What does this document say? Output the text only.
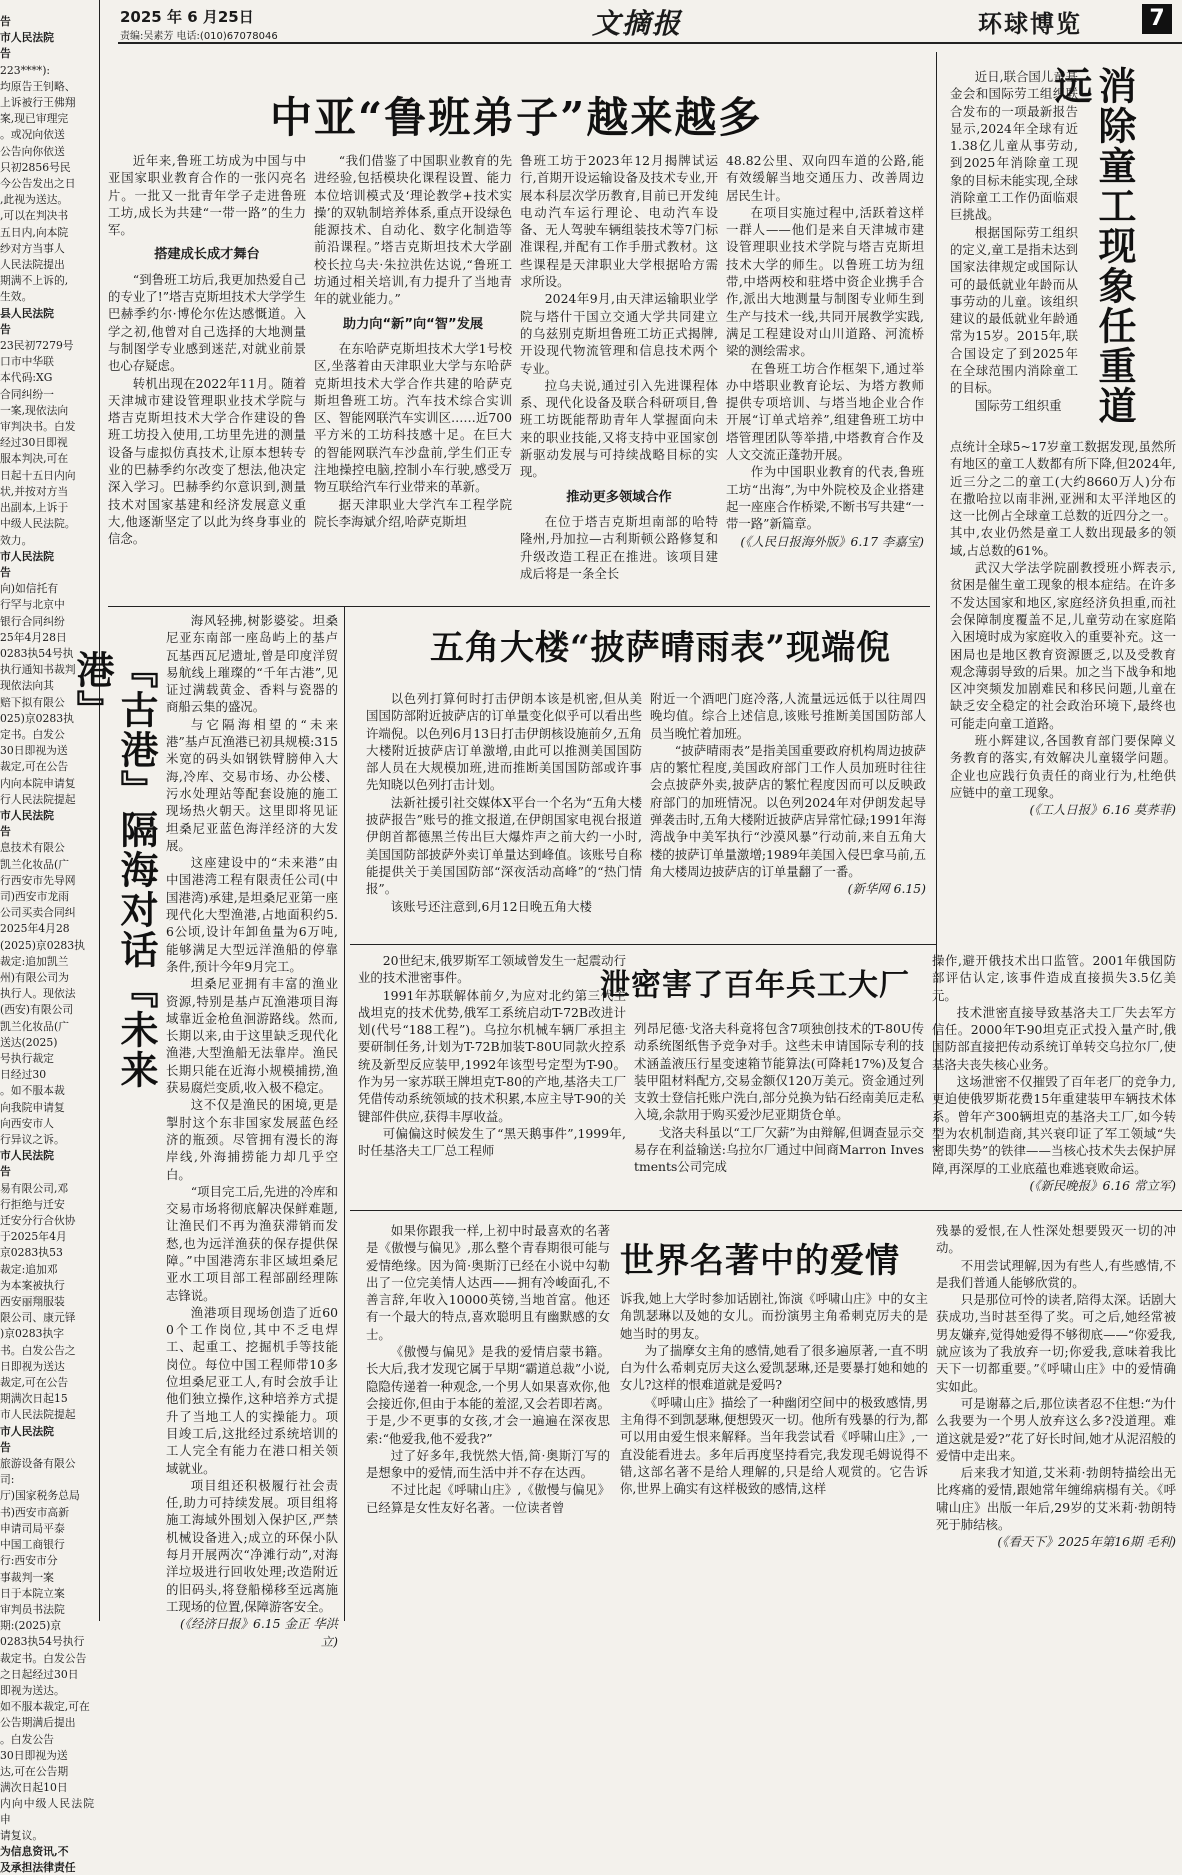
2025 年 6 月25日
责编:吴素芳 电话:(010)67078046	文摘报	环球博览	7

告

市人民法院

告

223****):

均原告王钊略、

上诉被行王佛翔

案,现已审理完

。或况向依送

公告向你依送

只初2856号民

今公告发出之日

,此视为送达。

,可以在判决书

五日内,向本院

纱对方当事人

人民法院提出

期满不上诉的,

生效。

县人民法院

告

23民初7279号

口市中华联

本代码:XG

合同纠纷一

一案,现依法向

审判决书。白发

经过30日即视

服本判决,可在

日起十五日内向

状,并按对方当

出副本,上诉于

中级人民法院。

效力。

市人民法院

告

向)如信托有

行罕与北京中

银行合同纠纷

25年4月28日

0283执54号执

执行通知书裁判

现依法向其

赔下拟有限公

025)京0283执

定书。白发公

30日即视为送

裁定,可在公告

内向本院申请复

行人民法院提起

市人民法院

告

息技术有限公

凯兰化妆品(广

行西安市先导网

司)西安市龙雨

公司买卖合同纠

2025年4月28

(2025)京0283执

裁定:追加凯兰

州)有限公司为

执行人。现依法

(西安)有限公司

凯兰化妆品(广

送达(2025)

号执行裁定

日经过30

。如不服本裁

向我院申请复

向西安市人

行异议之诉。

市人民法院

告

易有限公司,邓

行拒绝与迁安

迁安分行合伙协

于2025年4月

京0283执53

裁定:追加邓

为本案被执行

西安丽翔服装

限公司、康元铎

)京0283执字

书。白发公告之

日即视为送达

裁定,可在公告

期满次日起15

市人民法院提起

市人民法院

告

旅游设备有限公

司:

厅)国家税务总局

书)西安市高新

申请司局平泰

中国工商银行

行:西安市分

事裁判一案

日于本院立案

审判员书法院

期:(2025)京

0283执54号执行

裁定书。白发公告

之日起经过30日

即视为送达。

如不服本裁定,可在

公告期满后提出

。白发公告

30日即视为送

达,可在公告期

满次日起10日

内向中级人民法院申

请复议。

为信息资讯,不

及承担法律责任

中亚“鲁班弟子”越来越多

近年来,鲁班工坊成为中国与中亚国家职业教育合作的一张闪亮名片。一批又一批青年学子走进鲁班工坊,成长为共建“一带一路”的生力军。

搭建成长成才舞台

“到鲁班工坊后,我更加热爱自己的专业了!”塔吉克斯坦技术大学学生巴赫季约尔·博伦尔佐达感慨道。入学之初,他曾对自己选择的大地测量与制图学专业感到迷茫,对就业前景也心存疑虑。

转机出现在2022年11月。随着天津城市建设管理职业技术学院与塔吉克斯坦技术大学合作建设的鲁班工坊投入使用,工坊里先进的测量设备与虚拟仿真技术,让原本想转专业的巴赫季约尔改变了想法,他决定深入学习。巴赫季约尔意识到,测量技术对国家基建和经济发展意义重大,他逐渐坚定了以此为终身事业的信念。

“我们借鉴了中国职业教育的先进经验,包括模块化课程设置、能力本位培训模式及‘理论教学+技术实操’的双轨制培养体系,重点开设绿色能源技术、自动化、数字化制造等前沿课程。”塔吉克斯坦技术大学副校长拉乌夫·朱拉洪佐达说,“鲁班工坊通过相关培训,有力提升了当地青年的就业能力。”

助力向“新”向“智”发展

在东哈萨克斯坦技术大学1号校区,坐落着由天津职业大学与东哈萨克斯坦技术大学合作共建的哈萨克斯坦鲁班工坊。汽车技术综合实训区、智能网联汽车实训区……近700平方米的工坊科技感十足。在巨大的智能网联汽车沙盘前,学生们正专注地操控电脑,控制小车行驶,感受万物互联给汽车行业带来的革新。

据天津职业大学汽车工程学院院长李海斌介绍,哈萨克斯坦

鲁班工坊于2023年12月揭牌试运行,首期开设运输设备及技术专业,开展本科层次学历教育,目前已开发纯电动汽车运行理论、电动汽车设备、无人驾驶车辆组装技术等7门标准课程,并配有工作手册式教材。这些课程是天津职业大学根据哈方需求所设。

2024年9月,由天津运输职业学院与塔什干国立交通大学共同建立的乌兹别克斯坦鲁班工坊正式揭牌,开设现代物流管理和信息技术两个专业。

拉乌夫说,通过引入先进课程体系、现代化设备及联合科研项目,鲁班工坊既能帮助青年人掌握面向未来的职业技能,又将支持中亚国家创新驱动发展与可持续战略目标的实现。

推动更多领域合作

在位于塔吉克斯坦南部的哈特隆州,丹加拉—古利斯顿公路修复和升级改造工程正在推进。该项目建成后将是一条全长

48.82公里、双向四车道的公路,能有效缓解当地交通压力、改善周边居民生计。

在项目实施过程中,活跃着这样一群人——他们是来自天津城市建设管理职业技术学院与塔吉克斯坦技术大学的师生。以鲁班工坊为纽带,中塔两校和驻塔中资企业携手合作,派出大地测量与制图专业师生到生产与技术一线,共同开展教学实践,满足工程建设对山川道路、河流桥梁的测绘需求。

在鲁班工坊合作框架下,通过举办中塔职业教育论坛、为塔方教师提供专项培训、与塔当地企业合作开展“订单式培养”,组建鲁班工坊中塔管理团队等举措,中塔教育合作及人文交流正蓬勃开展。

作为中国职业教育的代表,鲁班工坊“出海”,为中外院校及企业搭建起一座座合作桥梁,不断书写共建“一带一路”新篇章。

(《人民日报海外版》6.17 李嘉宝)

消除童工现象任重道远

近日,联合国儿童基金会和国际劳工组织联合发布的一项最新报告显示,2024年全球有近1.38亿儿童从事劳动,到2025年消除童工现象的目标未能实现,全球消除童工工作仍面临艰巨挑战。

根据国际劳工组织的定义,童工是指未达到国家法律规定或国际认可的最低就业年龄而从事劳动的儿童。该组织建议的最低就业年龄通常为15岁。2015年,联合国设定了到2025年在全球范围内消除童工的目标。

国际劳工组织重

点统计全球5~17岁童工数据发现,虽然所有地区的童工人数都有所下降,但2024年,近三分之二的童工(大约8660万人)分布在撒哈拉以南非洲,亚洲和太平洋地区的这一比例占全球童工总数的近四分之一。其中,农业仍然是童工人数出现最多的领域,占总数的61%。

武汉大学法学院副教授班小辉表示,贫困是催生童工现象的根本症结。在许多不发达国家和地区,家庭经济负担重,而社会保障制度覆盖不足,儿童劳动在家庭陷入困境时成为家庭收入的重要补充。这一困局也是地区教育资源匮乏,以及受教育观念薄弱导致的后果。加之当下战争和地区冲突频发加剧难民和移民问题,儿童在缺乏安全稳定的社会政治环境下,最终也可能走向童工道路。

班小辉建议,各国教育部门要保障义务教育的落实,有效解决儿童辍学问题。企业也应践行负责任的商业行为,杜绝供应链中的童工现象。

(《工人日报》6.16 莫荞菲)

『古港』隔海对话『未来港』

海风轻拂,树影婆娑。坦桑尼亚东南部一座岛屿上的基卢瓦基西瓦尼遗址,曾是印度洋贸易航线上璀璨的“千年古港”,见证过满载黄金、香料与瓷器的商船云集的盛况。

与它隔海相望的“未来港”基卢瓦渔港已初具规模:315米宽的码头如钢铁臂膀伸入大海,冷库、交易市场、办公楼、污水处理站等配套设施的施工现场热火朝天。这里即将见证坦桑尼亚蓝色海洋经济的大发展。

这座建设中的“未来港”由中国港湾工程有限责任公司(中国港湾)承建,是坦桑尼亚第一座现代化大型渔港,占地面积约5.6公顷,设计年卸鱼量为6万吨,能够满足大型远洋渔船的停靠条件,预计今年9月完工。

坦桑尼亚拥有丰富的渔业资源,特别是基卢瓦渔港项目海域靠近金枪鱼洄游路线。然而,长期以来,由于这里缺乏现代化渔港,大型渔船无法靠岸。渔民长期只能在近海小规模捕捞,渔获易腐烂变质,收入极不稳定。

这不仅是渔民的困境,更是掣肘这个东非国家发展蓝色经济的瓶颈。尽管拥有漫长的海岸线,外海捕捞能力却几乎空白。

“项目完工后,先进的冷库和交易市场将彻底解决保鲜难题,让渔民们不再为渔获滞销而发愁,也为远洋渔获的保存提供保障。”中国港湾东非区域坦桑尼亚水工项目部工程部副经理陈志锋说。

渔港项目现场创造了近600个工作岗位,其中不乏电焊工、起重工、挖掘机手等技能岗位。每位中国工程师带10多位坦桑尼亚工人,有时会放手让他们独立操作,这种培养方式提升了当地工人的实操能力。项目竣工后,这批经过系统培训的工人完全有能力在港口相关领域就业。

项目组还积极履行社会责任,助力可持续发展。项目组将施工海域外围划入保护区,严禁机械设备进入;成立的环保小队每月开展两次“净滩行动”,对海洋垃圾进行回收处理;改造附近的旧码头,将登船梯移至远离施工现场的位置,保障游客安全。

(《经济日报》6.15 金正 华洪立)

五角大楼“披萨晴雨表”现端倪

以色列打算何时打击伊朗本该是机密,但从美国国防部附近披萨店的订单量变化似乎可以看出些许端倪。以色列6月13日打击伊朗核设施前夕,五角大楼附近披萨店订单激增,由此可以推测美国国防部人员在大规模加班,进而推断美国国防部或许事先知晓以色列打击计划。

法新社援引社交媒体X平台一个名为“五角大楼披萨报告”账号的推文报道,在伊朗国家电视台报道伊朗首都德黑兰传出巨大爆炸声之前大约一小时,美国国防部披萨外卖订单量达到峰值。该账号自称能提供关于美国国防部“深夜活动高峰”的“热门情报”。

该账号还注意到,6月12日晚五角大楼

附近一个酒吧门庭冷落,人流量远远低于以往周四晚均值。综合上述信息,该账号推断美国国防部人员当晚忙着加班。

“披萨晴雨表”是指美国重要政府机构周边披萨店的繁忙程度,美国政府部门工作人员加班时往往会点披萨外卖,披萨店的繁忙程度因而可以反映政府部门的加班情况。以色列2024年对伊朗发起导弹袭击时,五角大楼附近披萨店异常忙碌;1991年海湾战争中美军执行“沙漠风暴”行动前,来自五角大楼的披萨订单量激增;1989年美国入侵巴拿马前,五角大楼周边披萨店的订单量翻了一番。

(新华网 6.15)

泄密害了百年兵工大厂

20世纪末,俄罗斯军工领域曾发生一起震动行业的技术泄密事件。

1991年苏联解体前夕,为应对北约第三代主战坦克的技术优势,俄军工系统启动T-72B改进计划(代号“188工程”)。乌拉尔机械车辆厂承担主要研制任务,计划为T-72B加装T-80U同款火控系统及新型反应装甲,1992年该型号定型为T-90。作为另一家苏联王牌坦克T-80的产地,基洛夫工厂凭借传动系统领域的技术积累,本应主导T-90的关键部件供应,获得丰厚收益。

可偏偏这时候发生了“黑天鹅事件”,1999年,时任基洛夫工厂总工程师

列昂尼德·戈洛夫科竟将包含7项独创技术的T-80U传动系统图纸售予竞争对手。这些未申请国际专利的技术涵盖液压行星变速箱节能算法(可降耗17%)及复合装甲阻材料配方,交易金额仅120万美元。资金通过列支敦士登信托账户洗白,部分兑换为钻石经南美厄走私入境,余款用于购买爱沙尼亚期货仓单。

戈洛夫科虽以“工厂欠薪”为由辩解,但调查显示交易存在利益输送:乌拉尔厂通过中间商Marron Investments公司完成

操作,避开俄技术出口监管。2001年俄国防部评估认定,该事件造成直接损失3.5亿美元。

技术泄密直接导致基洛夫工厂失去军方信任。2000年T-90坦克正式投入量产时,俄国防部直接把传动系统订单转交乌拉尔厂,使基洛夫丧失核心业务。

这场泄密不仅摧毁了百年老厂的竞争力,更迫使俄罗斯花费15年重建装甲车辆技术体系。曾年产300辆坦克的基洛夫工厂,如今转型为农机制造商,其兴衰印证了军工领域“失密即失势”的铁律——当核心技术失去保护屏障,再深厚的工业底蕴也难逃衰败命运。

(《新民晚报》6.16 常立军)

世界名著中的爱情

如果你跟我一样,上初中时最喜欢的名著是《傲慢与偏见》,那么整个青春期很可能与爱情绝缘。因为简·奥斯汀已经在小说中勾勒出了一位完美情人达西——拥有冷峻面孔,不善言辞,年收入10000英镑,当地首富。他还有一个最大的特点,喜欢聪明且有幽默感的女士。

《傲慢与偏见》是我的爱情启蒙书籍。长大后,我才发现它属于早期“霸道总裁”小说,隐隐传递着一种观念,一个男人如果喜欢你,他会接近你,但由于本能的羞涩,又会若即若离。于是,少不更事的女孩,才会一遍遍在深夜思索:“他爱我,他不爱我?”

过了好多年,我恍然大悟,简·奥斯汀写的是想象中的爱情,而生活中并不存在达西。

不过比起《呼啸山庄》,《傲慢与偏见》已经算是女性友好名著。一位读者曾

诉我,她上大学时参加话剧社,饰演《呼啸山庄》中的女主角凯瑟琳以及她的女儿。而扮演男主角希刺克厉夫的是她当时的男友。

为了揣摩女主角的感情,她看了很多遍原著,一直不明白为什么希刺克厉夫这么爱凯瑟琳,还是要暴打她和她的女儿?这样的恨难道就是爱吗?

《呼啸山庄》描绘了一种幽闭空间中的极致感情,男主角得不到凯瑟琳,便想毁灭一切。他所有残暴的行为,都可以用由爱生恨来解释。当年我尝试看《呼啸山庄》,一直没能看进去。多年后再度坚持看完,我发现毛姆说得不错,这部名著不是给人理解的,只是给人观赏的。它告诉你,世界上确实有这样极致的感情,这样

残暴的爱恨,在人性深处想要毁灭一切的冲动。

不用尝试理解,因为有些人,有些感情,不是我们普通人能够欣赏的。

只是那位可怜的读者,陪得太深。话剧大获成功,当时甚至得了奖。可之后,她经常被男友嫌弃,觉得她爱得不够彻底——“你爱我,就应该为了我放弃一切;你爱我,意味着我比天下一切都重要。”《呼啸山庄》中的爱情确实如此。

可是谢幕之后,那位读者忍不住想:“为什么我要为一个男人放弃这么多?没道理。难道这就是爱?”花了好长时间,她才从泥沼般的爱情中走出来。

后来我才知道,艾米莉·勃朗特描绘出无比疼痛的爱情,跟她常年缠绵病榻有关。《呼啸山庄》出版一年后,29岁的艾米莉·勃朗特死于肺结核。

(《看天下》2025年第16期 毛利)
